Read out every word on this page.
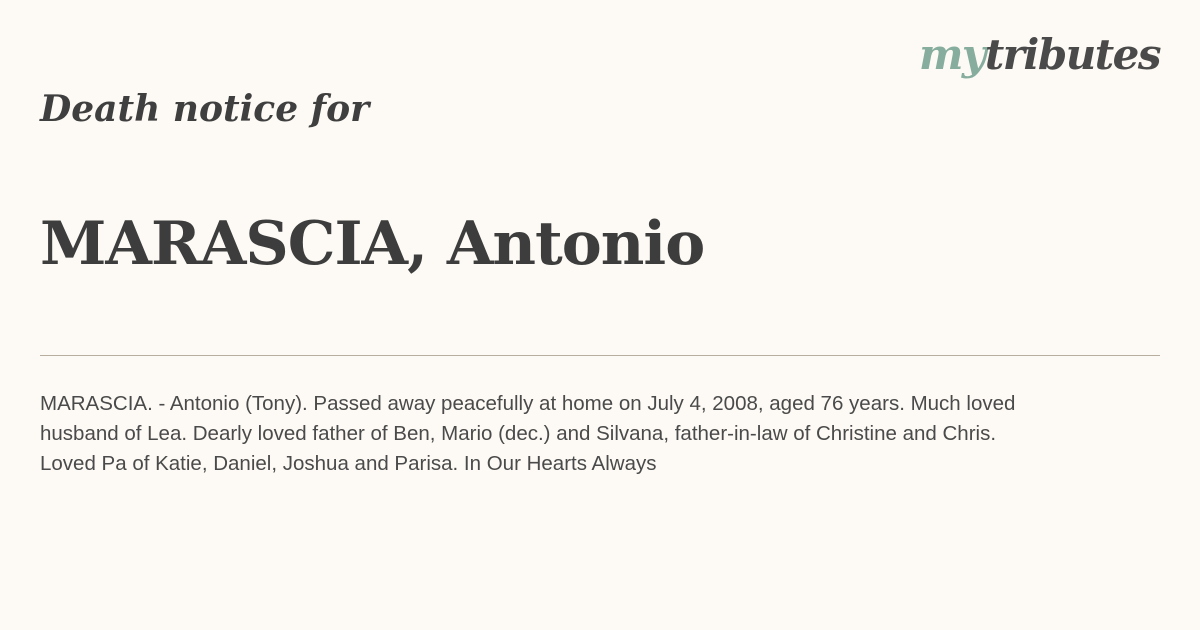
mytributes
Death notice for
MARASCIA, Antonio

MARASCIA. - Antonio (Tony). Passed away peacefully at home on July 4, 2008, aged 76 years. Much loved
husband of Lea. Dearly loved father of Ben, Mario (dec.) and Silvana, father-in-law of Christine and Chris.
Loved Pa of Katie, Daniel, Joshua and Parisa. In Our Hearts Always
